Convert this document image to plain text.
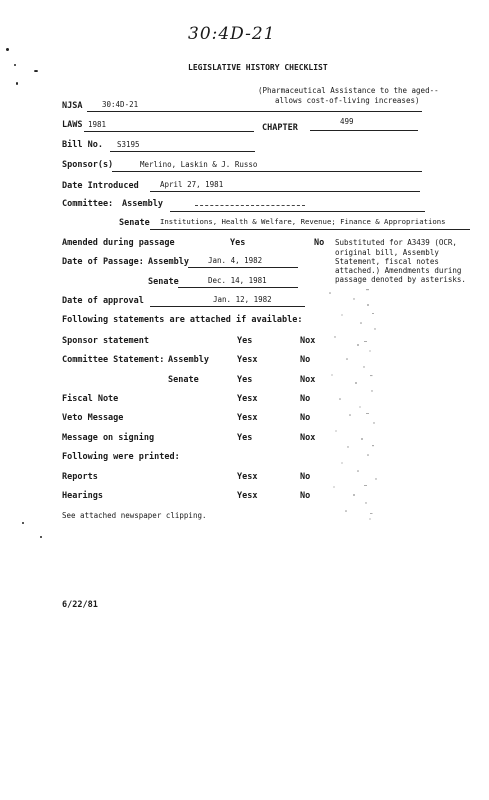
30:4D-21
LEGISLATIVE HISTORY CHECKLIST
(Pharmaceutical Assistance to the aged--
allows cost-of-living increases)
NJSA	30:4D-21
LAWS 1981	CHAPTER
499
Bill No. S3195
Sponsor(s)	Merlino, Laskin & J. Russo
Date Introduced	April 27, 1981
Committee: Assembly
Senate Institutions, Health & Welfare, Revenue; Finance & Appropriations
Amended during passage	Yes	No Substituted for A3439 (OCR,
original bill, Assembly
Statement, fiscal notes
attached.) Amendments during
passage denoted by asterisks.
Date of Passage: Assembly	Jan. 4, 1982
Senate	Dec. 14, 1981
Date of approval	Jan. 12, 1982
Following statements are attached if available:
Sponsor statement	Yes	Nox
Committee Statement: Assembly	Yesx	No
Senate	Yes	Nox
Fiscal Note	Yesx	No
Veto Message	Yesx	No
Message on signing	Yes	Nox
Following were printed:
Reports	Yesx	No
Hearings	Yesx	No
See attached newspaper clipping.
6/22/81
